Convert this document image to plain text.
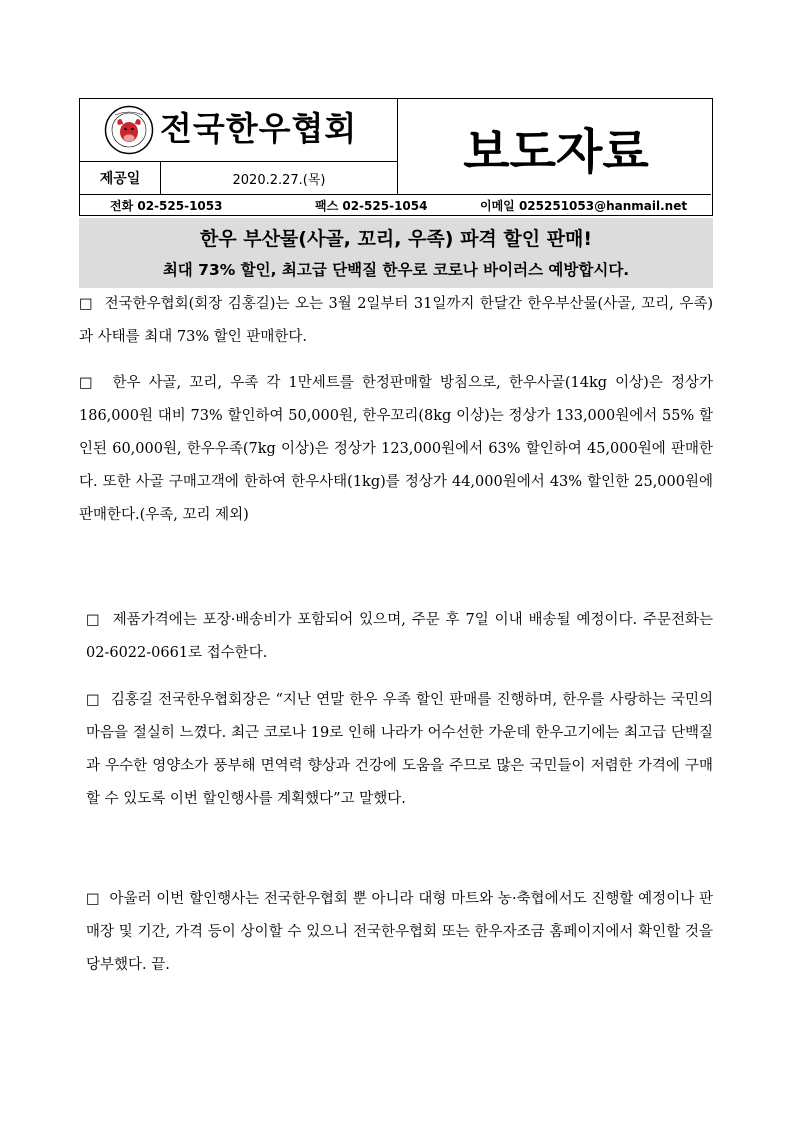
전국한우협회	보도자료
제공일	2020.2.27.(목)
전화 02-525-1053	팩스 02-525-1054	이메일 025251053@hanmail.net
한우 부산물(사골, 꼬리, 우족) 파격 할인 판매!
최대 73% 할인, 최고급 단백질 한우로 코로나 바이러스 예방합시다.
□ 전국한우협회(회장 김홍길)는 오는 3월 2일부터 31일까지 한달간 한우부산물(사골, 꼬리, 우족)과 사태를 최대 73% 할인 판매한다.
□ 한우 사골, 꼬리, 우족 각 1만세트를 한정판매할 방침으로, 한우사골(14kg 이상)은 정상가 186,000원 대비 73% 할인하여 50,000원, 한우꼬리(8kg 이상)는 정상가 133,000원에서 55% 할인된 60,000원, 한우우족(7kg 이상)은 정상가 123,000원에서 63% 할인하여 45,000원에 판매한다. 또한 사골 구매고객에 한하여 한우사태(1kg)를 정상가 44,000원에서 43% 할인한 25,000원에 판매한다.(우족, 꼬리 제외)
□ 제품가격에는 포장·배송비가 포함되어 있으며, 주문 후 7일 이내 배송될 예정이다. 주문전화는 02-6022-0661로 접수한다.
□ 김홍길 전국한우협회장은 “지난 연말 한우 우족 할인 판매를 진행하며, 한우를 사랑하는 국민의 마음을 절실히 느꼈다. 최근 코로나 19로 인해 나라가 어수선한 가운데 한우고기에는 최고급 단백질과 우수한 영양소가 풍부해 면역력 향상과 건강에 도움을 주므로 많은 국민들이 저렴한 가격에 구매할 수 있도록 이번 할인행사를 계획했다”고 말했다.
□ 아울러 이번 할인행사는 전국한우협회 뿐 아니라 대형 마트와 농·축협에서도 진행할 예정이나 판매장 및 기간, 가격 등이 상이할 수 있으니 전국한우협회 또는 한우자조금 홈페이지에서 확인할 것을 당부했다. 끝.
